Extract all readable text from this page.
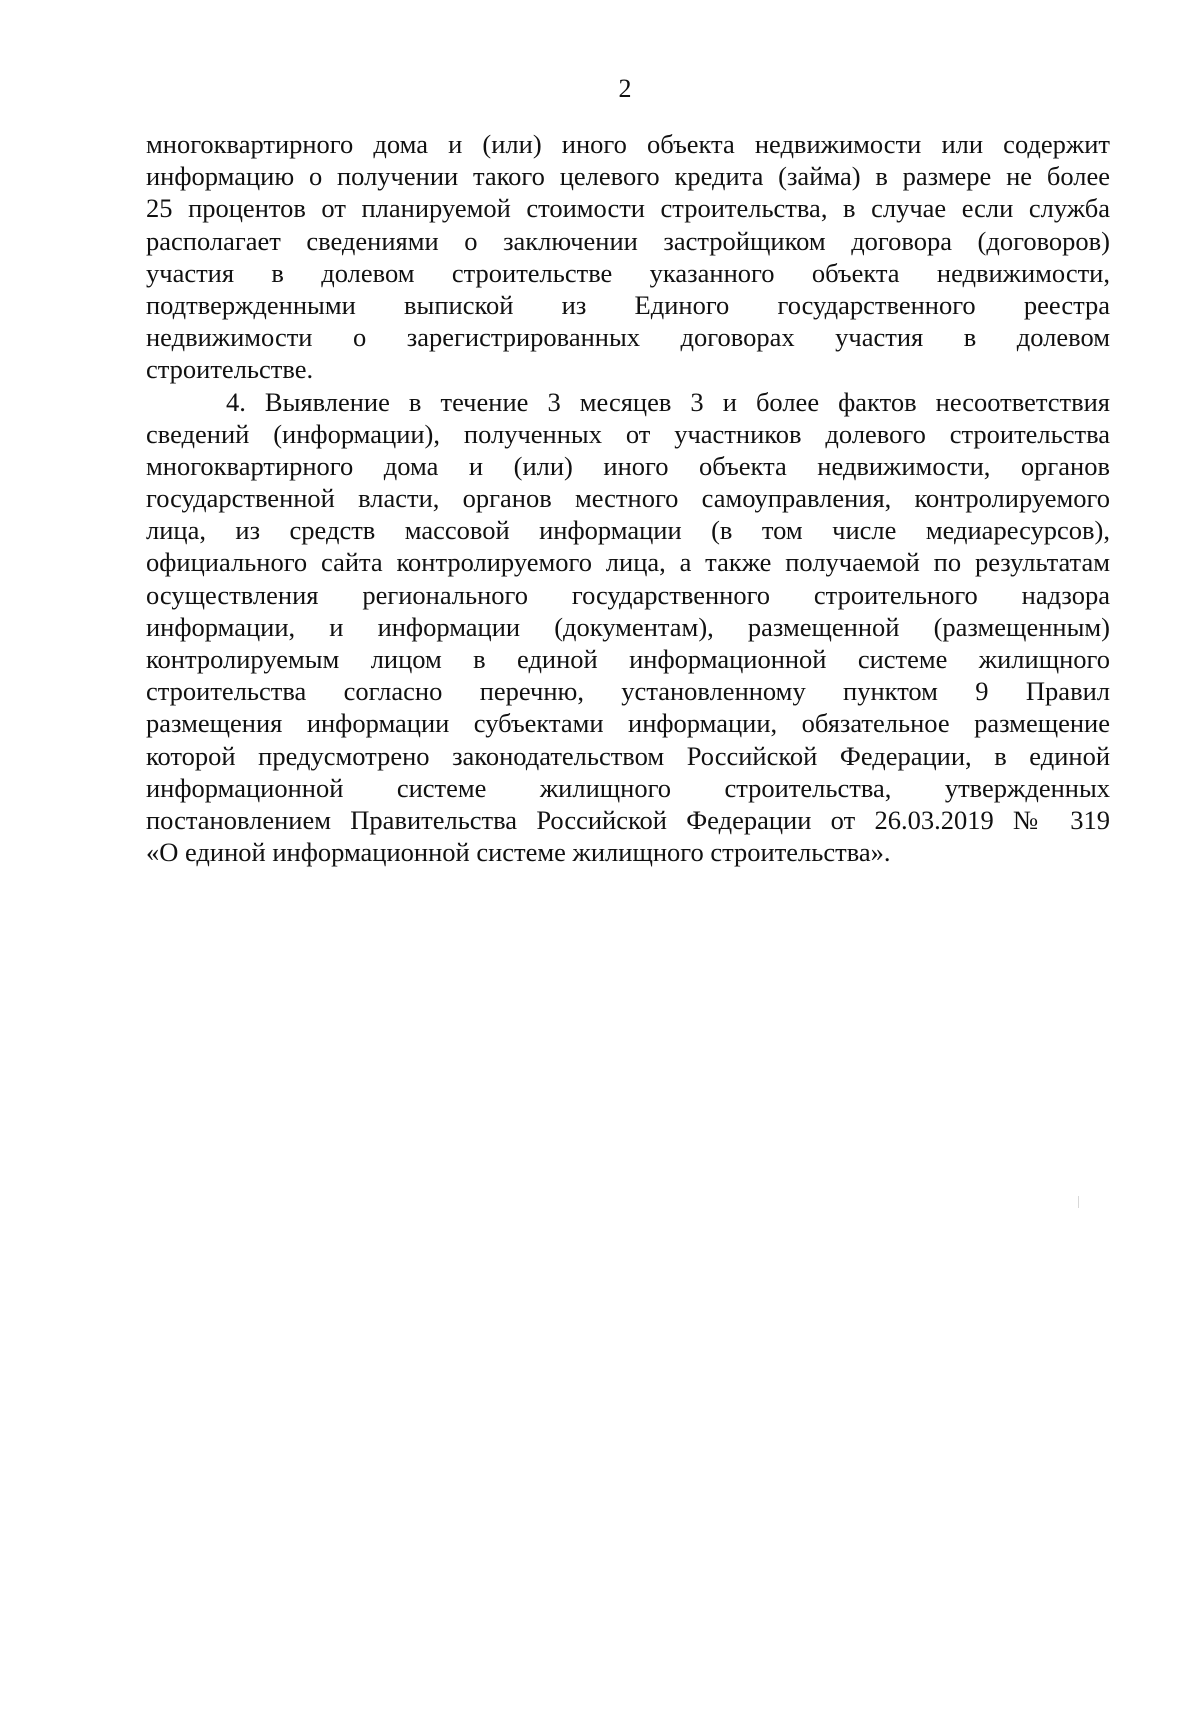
2
многоквартирного дома и (или) иного объекта недвижимости или содержит
информацию о получении такого целевого кредита (займа) в размере не более
25 процентов от планируемой стоимости строительства, в случае если служба
располагает сведениями о заключении застройщиком договора (договоров)
участия в долевом строительстве указанного объекта недвижимости,
подтвержденными выпиской из Единого государственного реестра
недвижимости о зарегистрированных договорах участия в долевом
строительстве.
4. Выявление в течение 3 месяцев 3 и более фактов несоответствия
сведений (информации), полученных от участников долевого строительства
многоквартирного дома и (или) иного объекта недвижимости, органов
государственной власти, органов местного самоуправления, контролируемого
лица, из средств массовой информации (в том числе медиаресурсов),
официального сайта контролируемого лица, а также получаемой по результатам
осуществления регионального государственного строительного надзора
информации, и информации (документам), размещенной (размещенным)
контролируемым лицом в единой информационной системе жилищного
строительства согласно перечню, установленному пунктом 9 Правил
размещения информации субъектами информации, обязательное размещение
которой предусмотрено законодательством Российской Федерации, в единой
информационной системе жилищного строительства, утвержденных
постановлением Правительства Российской Федерации от 26.03.2019 № 319
«О единой информационной системе жилищного строительства».
